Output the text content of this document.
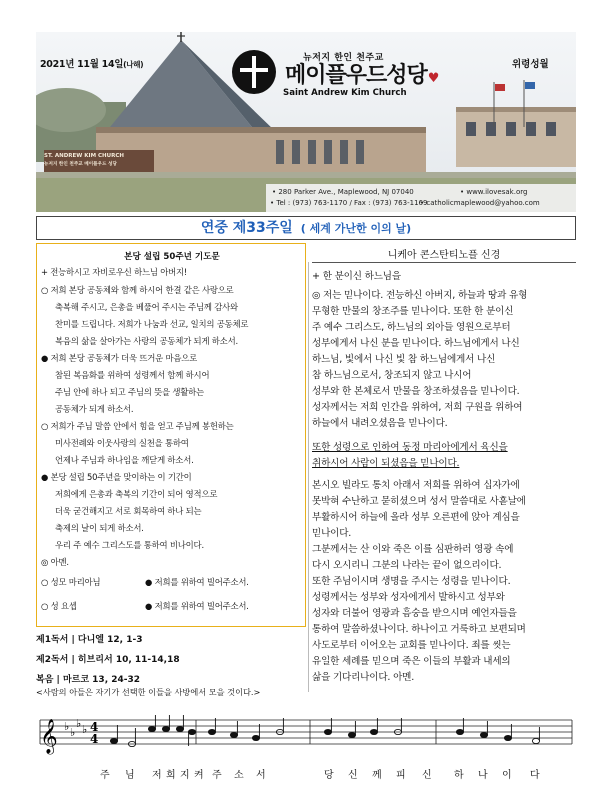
ST. ANDREW KIM CHURCH
뉴저지 한인 천주교 메이플우드 성당
2021년 11월 14일(나해)	위령성월
뉴저지 한인 천주교
메이플우드성당♥
Saint Andrew Kim Church
• 280 Parker Ave., Maplewood, NJ 07040	• www.ilovesak.org
• Tel : (973) 763-1170 / Fax : (973) 763-1169
• catholicmaplewood@yahoo.com
연중 제33주일 ( 세계 가난한 이의 날)
본당 설립 50주년 기도문
+ 전능하시고 자비로우신 하느님 아버지!
○ 저희 본당 공동체와 함께 하시어 한결 같은 사랑으로
축복해 주시고, 은총을 베풀어 주시는 주님께 감사와
찬미를 드립니다. 저희가 나눔과 선교, 일치의 공동체로
복음의 삶을 살아가는 사랑의 공동체가 되게 하소서.
● 저희 본당 공동체가 더욱 뜨거운 마음으로
참된 복음화를 위하여 성령께서 함께 하시어
주님 안에 하나 되고 주님의 뜻을 생활하는
공동체가 되게 하소서.
○ 저희가 주님 말씀 안에서 힘을 얻고 주님께 봉헌하는
미사전례와 이웃사랑의 실천을 통하여
언제나 주님과 하나임을 깨닫게 하소서.
● 본당 설립 50주년을 맞이하는 이 기간이
저희에게 은총과 축복의 기간이 되어 영적으로
더욱 굳건해지고 서로 회목하여 하나 되는
축제의 날이 되게 하소서.
우리 주 예수 그리스도를 통하여 비나이다.
◎ 아멘.
○ 성모 마리아님	● 저희를 위하여 빌어주소서.
○ 성 요셉	● 저희를 위하여 빌어주소서.
제1독서 | 다니엘 12, 1-3
제2독서 | 히브리서 10, 11-14,18
복음 | 마르코 13, 24-32
<사람의 아들은 자기가 선택한 이들을 사방에서 모을 것이다.>
니케아 콘스탄티노플 신경
+ 한 분이신 하느님을
◎ 저는 믿나이다. 전능하신 아버지, 하늘과 땅과 유형
무형한 만물의 창조주를 믿나이다. 또한 한 분이신
주 예수 그리스도, 하느님의 외아들 영원으로부터
성부에게서 나신 분을 믿나이다. 하느님에게서 나신
하느님, 빛에서 나신 빛 참 하느님에게서 나신
참 하느님으로서, 창조되지 않고 나시어
성부와 한 본체로서 만물을 창조하셨음을 믿나이다.
성자께서는 저희 인간을 위하여, 저희 구원을 위하여
하늘에서 내려오셨음을 믿나이다.
또한 성령으로 인하여 동정 마리아에게서 육신을
취하시어 사람이 되셨음을 믿나이다.
본시오 빌라도 통치 아래서 저희를 위하여 십자가에
못박혀 수난하고 묻히셨으며 성서 말씀대로 사흗날에
부활하시어 하늘에 올라 성부 오른편에 앉아 계심을
믿나이다.
그분께서는 산 이와 죽은 이를 심판하러 영광 속에
다시 오시리니 그분의 나라는 끝이 없으리이다.
또한 주님이시며 생명을 주시는 성령을 믿나이다.
성령께서는 성부와 성자에게서 발하시고 성부와
성자와 더불어 영광과 흠숭을 받으시며 예언자들을
통하여 말씀하셨나이다. 하나이고 거룩하고 보편되며
사도로부터 이어오는 교회를 믿나이다. 죄를 씻는
유일한 세례를 믿으며 죽은 이들의 부활과 내세의
삶을 기다리나이다. 아멘.
𝄞 ♭ ♭
♭ ♭ 4
4
주 님 저 희 지 켜 주 소 서	당 신 께 피 신 하 나 이 다
